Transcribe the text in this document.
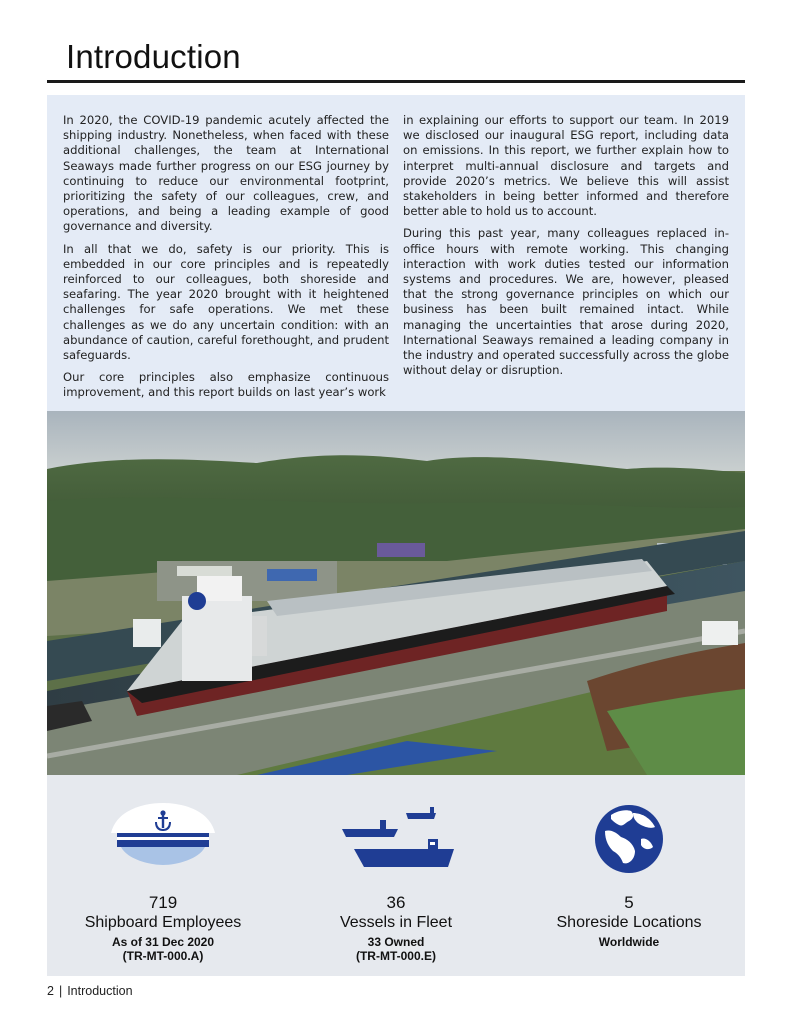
Introduction

In 2020, the COVID-19 pandemic acutely affected the shipping industry. Nonetheless, when faced with these additional challenges, the team at International Seaways made further progress on our ESG journey by continuing to reduce our environmental footprint, prioritizing the safety of our colleagues, crew, and operations, and being a leading example of good governance and diversity.

In all that we do, safety is our priority. This is embedded in our core principles and is repeatedly reinforced to our colleagues, both shoreside and seafaring. The year 2020 brought with it heightened challenges for safe operations. We met these challenges as we do any uncertain condition: with an abundance of caution, careful forethought, and prudent safeguards.

Our core principles also emphasize continuous improvement, and this report builds on last year’s work

in explaining our efforts to support our team. In 2019 we disclosed our inaugural ESG report, including data on emissions. In this report, we further explain how to interpret multi-annual disclosure and targets and provide 2020’s metrics. We believe this will assist stakeholders in being better informed and therefore better able to hold us to account.

During this past year, many colleagues replaced in-office hours with remote working. This changing interaction with work duties tested our information systems and procedures. We are, however, pleased that the strong governance principles on which our business has been built remained intact. While managing the uncertainties that arose during 2020, International Seaways remained a leading company in the industry and operated successfully across the globe without delay or disruption.

719
Shipboard Employees
As of 31 Dec 2020
(TR-MT-000.A)
36
Vessels in Fleet
33 Owned
(TR-MT-000.E)
5
Shoreside Locations
Worldwide
2 | Introduction
